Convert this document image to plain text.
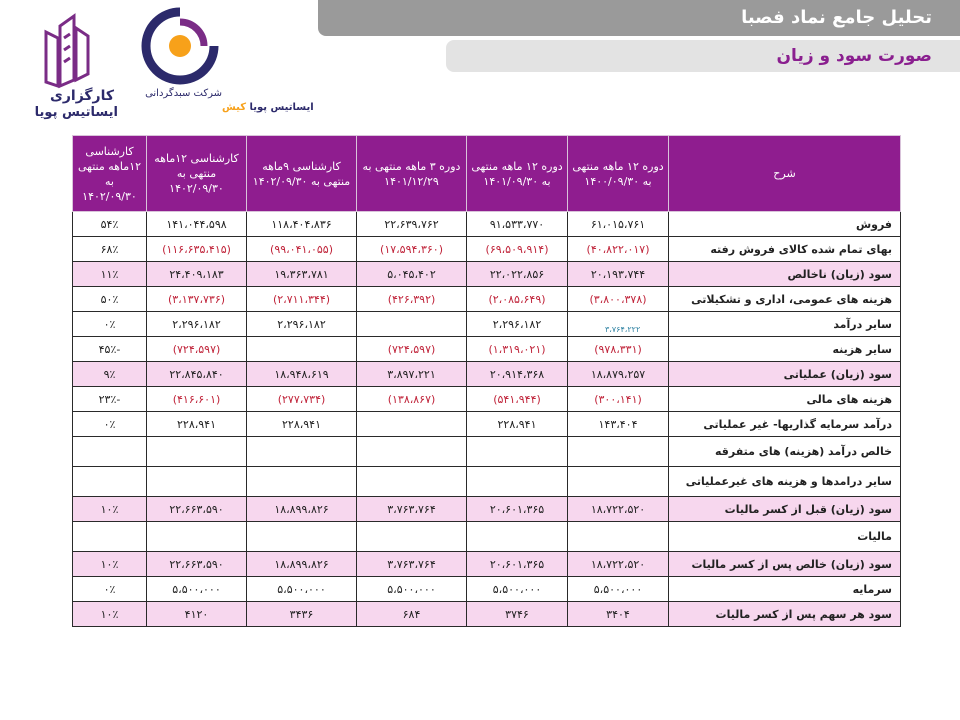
تحلیل جامع نماد فصبا
صورت سود و زیان
کارگزاری
ایساتیس پویا
شرکت سبدگردانی
ایساتیس پویا کیش
شرح	دوره ۱۲ ماهه منتهی به ۱۴۰۰/۰۹/۳۰	دوره ۱۲ ماهه منتهی به ۱۴۰۱/۰۹/۳۰	دوره ۳ ماهه منتهی به ۱۴۰۱/۱۲/۲۹	کارشناسی ۹ماهه منتهی به ۱۴۰۲/۰۹/۳۰	کارشناسی ۱۲ماهه منتهی به ۱۴۰۲/۰۹/۳۰	کارشناسی ۱۲ماهه منتهی به ۱۴۰۲/۰۹/۳۰
فروش	۶۱،۰۱۵،۷۶۱	۹۱،۵۳۳،۷۷۰	۲۲،۶۳۹،۷۶۲	۱۱۸،۴۰۴،۸۳۶	۱۴۱،۰۴۴،۵۹۸	۵۴٪
بهای تمام شده کالای فروش رفته	(۴۰،۸۲۲،۰۱۷)	(۶۹،۵۰۹،۹۱۴)	(۱۷،۵۹۴،۳۶۰)	(۹۹،۰۴۱،۰۵۵)	(۱۱۶،۶۳۵،۴۱۵)	۶۸٪
سود (زیان) ناخالص	۲۰،۱۹۳،۷۴۴	۲۲،۰۲۲،۸۵۶	۵،۰۴۵،۴۰۲	۱۹،۳۶۳،۷۸۱	۲۴،۴۰۹،۱۸۳	۱۱٪
هزینه های عمومی، اداری و تشکیلاتی	(۳،۸۰۰،۳۷۸)	(۲،۰۸۵،۶۴۹)	(۴۲۶،۳۹۲)	(۲،۷۱۱،۳۴۴)	(۳،۱۳۷،۷۳۶)	۵۰٪
سایر درآمد		۲،۲۹۶،۱۸۲		۲،۲۹۶،۱۸۲	۲،۲۹۶،۱۸۲	۰٪
سایر هزینه	(۹۷۸،۳۳۱)	(۱،۳۱۹،۰۲۱)	(۷۲۴،۵۹۷)		(۷۲۴،۵۹۷)	-۴۵٪
سود (زیان) عملیاتی	۱۸،۸۷۹،۲۵۷	۲۰،۹۱۴،۳۶۸	۳،۸۹۷،۲۲۱	۱۸،۹۴۸،۶۱۹	۲۲،۸۴۵،۸۴۰	۹٪
هزینه های مالی	(۳۰۰،۱۴۱)	(۵۴۱،۹۴۴)	(۱۳۸،۸۶۷)	(۲۷۷،۷۳۴)	(۴۱۶،۶۰۱)	-۲۳٪
درآمد سرمایه گذاریها- غیر عملیاتی	۱۴۳،۴۰۴	۲۲۸،۹۴۱		۲۲۸،۹۴۱	۲۲۸،۹۴۱	۰٪
خالص درآمد (هزینه) های متفرقه						
سایر درامدها و هزینه های غیرعملیاتی						
سود (زیان) قبل از کسر مالیات	۱۸،۷۲۲،۵۲۰	۲۰،۶۰۱،۳۶۵	۳،۷۶۳،۷۶۴	۱۸،۸۹۹،۸۲۶	۲۲،۶۶۳،۵۹۰	۱۰٪
مالیات						
سود (زیان) خالص پس از کسر مالیات	۱۸،۷۲۲،۵۲۰	۲۰،۶۰۱،۳۶۵	۳،۷۶۳،۷۶۴	۱۸،۸۹۹،۸۲۶	۲۲،۶۶۳،۵۹۰	۱۰٪
سرمایه	۵،۵۰۰،۰۰۰	۵،۵۰۰،۰۰۰	۵،۵۰۰،۰۰۰	۵،۵۰۰،۰۰۰	۵،۵۰۰،۰۰۰	۰٪
سود هر سهم پس از کسر مالیات	۳۴۰۴	۳۷۴۶	۶۸۴	۳۴۳۶	۴۱۲۰	۱۰٪
۳،۷۶۴،۲۲۲
